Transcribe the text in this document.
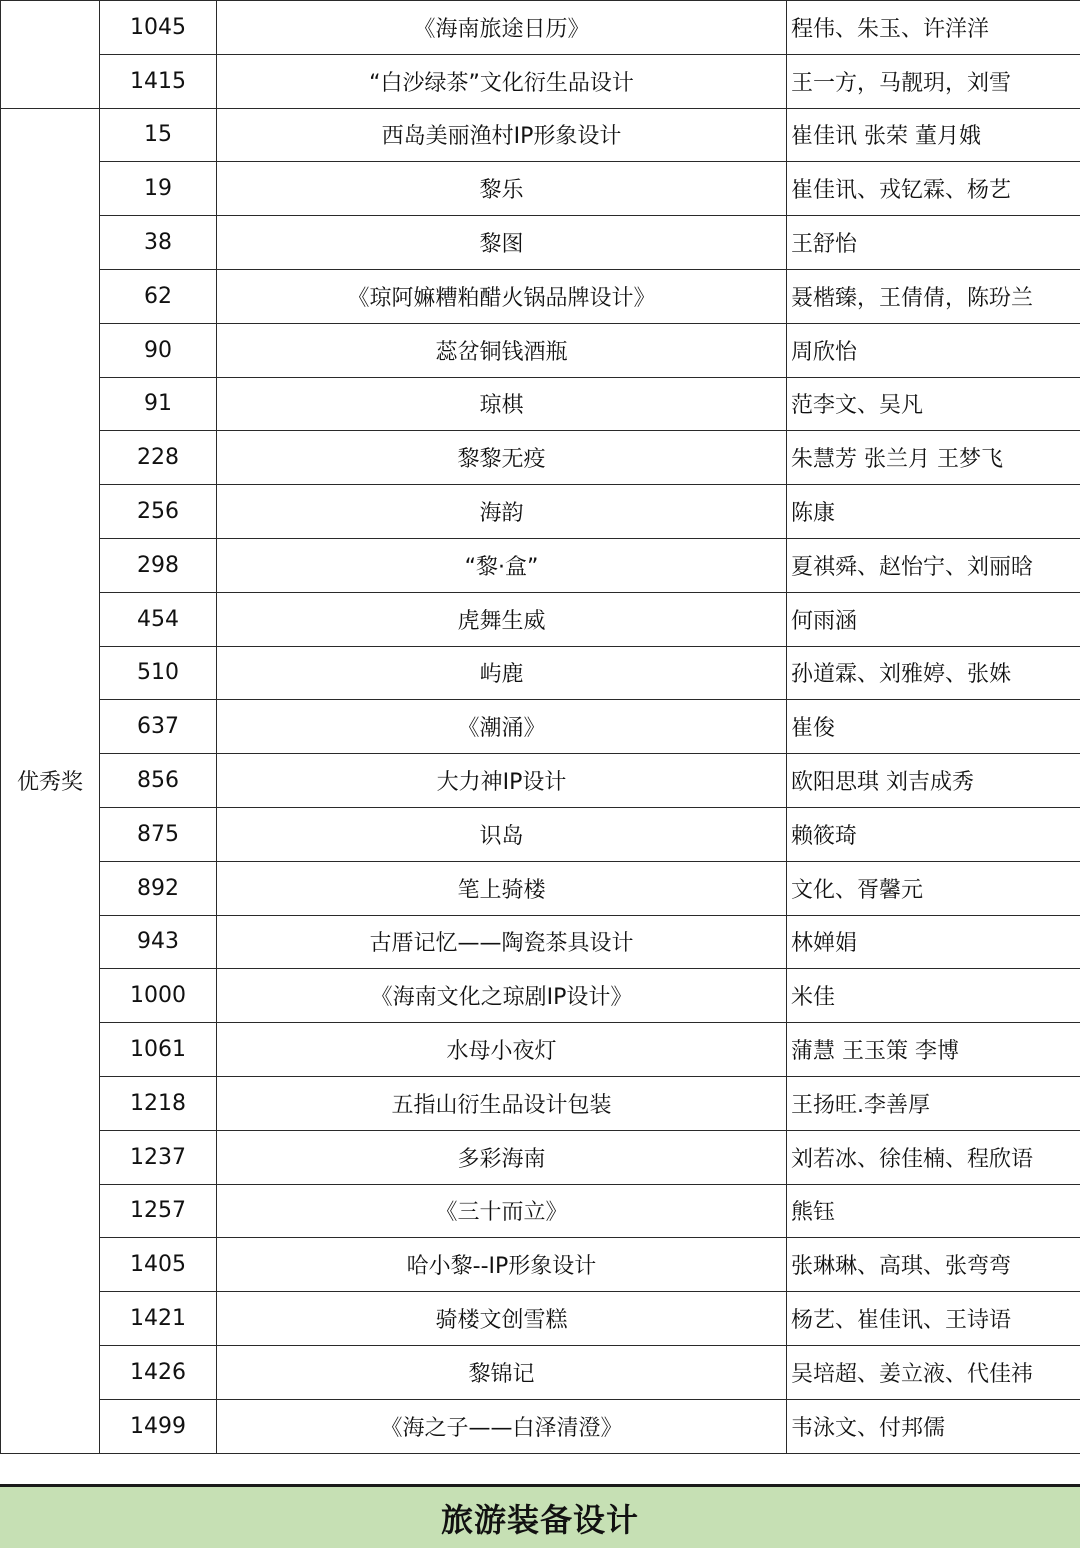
	1045	《海南旅途日历》	程伟、朱玉、许洋洋
	1415	“白沙绿茶”文化衍生品设计	王一方，马靓玥，刘雪
优秀奖	15	西岛美丽渔村IP形象设计	崔佳讯 张荣 董月娥
	19	黎乐	崔佳讯、戎钇霖、杨艺
	38	黎图	王舒怡
	62	《琼阿嫲糟粕醋火锅品牌设计》	聂楷臻，王倩倩，陈玢兰
	90	蕊岔铜钱酒瓶	周欣怡
	91	琼棋	范李文、吴凡
	228	黎黎无疫	朱慧芳 张兰月 王梦飞
	256	海韵	陈康
	298	“黎·盒”	夏祺舜、赵怡宁、刘丽晗
	454	虎舞生威	何雨涵
	510	屿鹿	孙道霖、刘雅婷、张姝
	637	《潮涌》	崔俊
	856	大力神IP设计	欧阳思琪 刘吉成秀
	875	识岛	赖筱琦
	892	笔上骑楼	文化、胥馨元
	943	古厝记忆——陶瓷茶具设计	林婵娟
	1000	《海南文化之琼剧IP设计》	米佳
	1061	水母小夜灯	蒲慧 王玉策 李博
	1218	五指山衍生品设计包装	王扬旺.李善厚
	1237	多彩海南	刘若冰、徐佳楠、程欣语
	1257	《三十而立》	熊钰
	1405	哈小黎--IP形象设计	张琳琳、高琪、张弯弯
	1421	骑楼文创雪糕	杨艺、崔佳讯、王诗语
	1426	黎锦记	吴培超、姜立液、代佳祎
	1499	《海之子——白泽清澄》	韦泳文、付邦儒
旅游装备设计
